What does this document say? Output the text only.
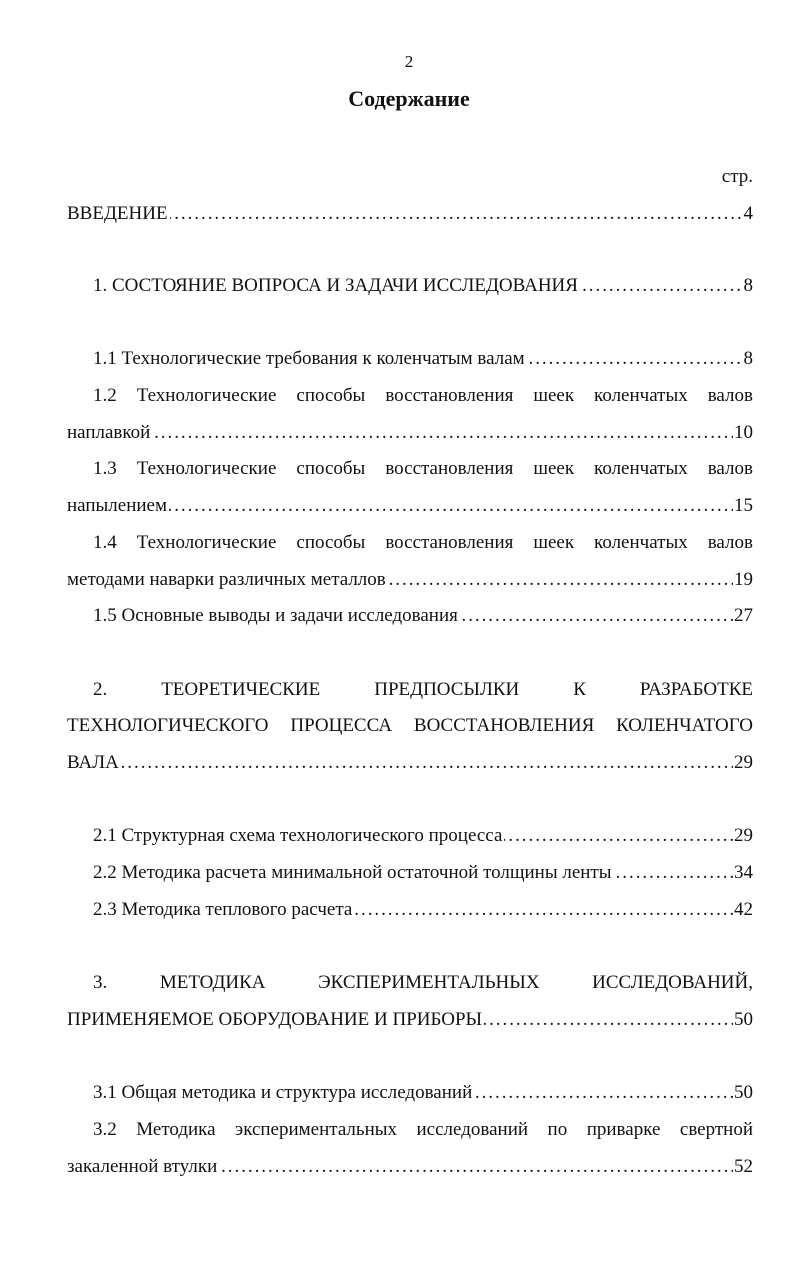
2
Содержание
стр.
ВВЕДЕНИЕ	4
. . .
1. СОСТОЯНИЕ ВОПРОСА И ЗАДАЧИ ИССЛЕДОВАНИЯ	8
. . .
1.1 Технологические требования к коленчатым валам	8
. . .
1.2 Технологические способы восстановления шеек коленчатых валов
наплавкой	10
. . .
1.3 Технологические способы восстановления шеек коленчатых валов
напылением	15
. . .
1.4 Технологические способы восстановления шеек коленчатых валов
методами наварки различных металлов	19
. . .
1.5 Основные выводы и задачи исследования	27
. . .
2. ТЕОРЕТИЧЕСКИЕ ПРЕДПОСЫЛКИ К РАЗРАБОТКЕ
ТЕХНОЛОГИЧЕСКОГО ПРОЦЕССА ВОССТАНОВЛЕНИЯ КОЛЕНЧАТОГО
ВАЛА	29
. . .
2.1 Структурная схема технологического процесса	29
. . .
2.2 Методика расчета минимальной остаточной толщины ленты	34
. . .
2.3 Методика теплового расчета	42
. . .
3. МЕТОДИКА ЭКСПЕРИМЕНТАЛЬНЫХ ИССЛЕДОВАНИЙ,
ПРИМЕНЯЕМОЕ ОБОРУДОВАНИЕ И ПРИБОРЫ	50
. . .
3.1 Общая методика и структура исследований	50
. . .
3.2 Методика экспериментальных исследований по приварке свертной
закаленной втулки	52
. . .
